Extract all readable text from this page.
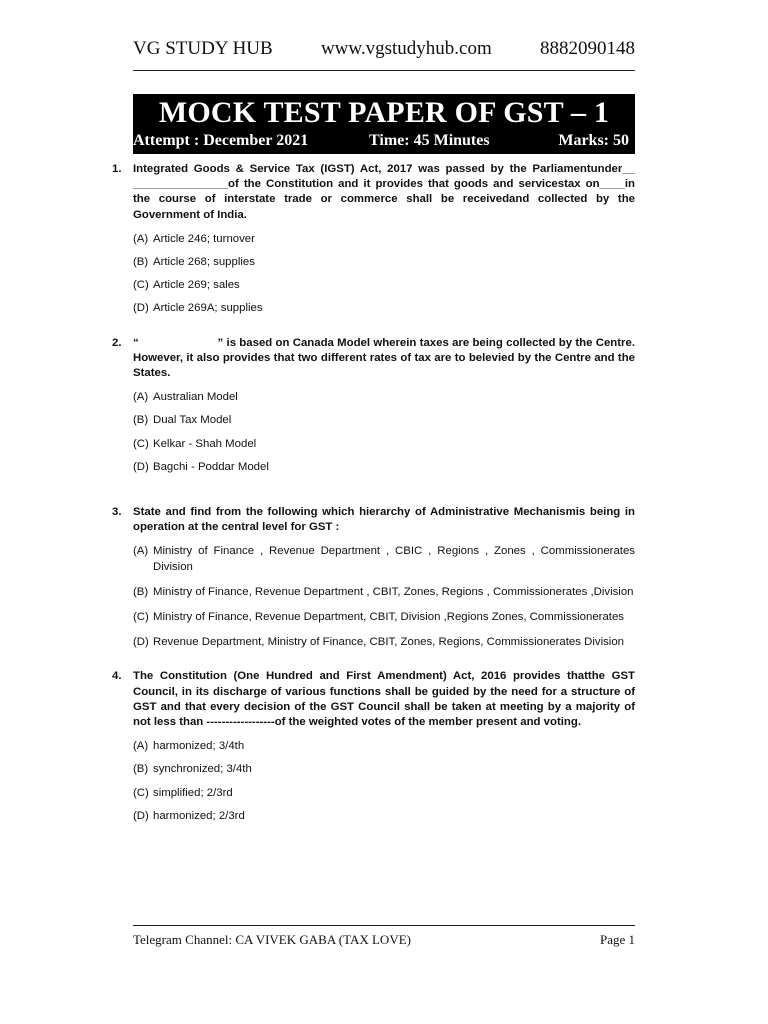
VG STUDY HUB	www.vgstudyhub.com	8882090148
MOCK TEST PAPER OF GST – 1
Attempt : December 2021	Time: 45 Minutes	Marks: 50
1.	Integrated Goods & Service Tax (IGST) Act, 2017 was passed by the Parliamentunder__ _______________of the Constitution and it provides that goods and servicestax on____in the course of interstate trade or commerce shall be receivedand collected by the Government of India.
(A) Article 246; turnover
(B) Article 268; supplies
(C) Article 269; sales
(D) Article 269A; supplies
2.	“                        ” is based on Canada Model wherein taxes are being collected by the Centre. However, it also provides that two different rates of tax are to belevied by the Centre and the States.
(A) Australian Model
(B) Dual Tax Model
(C) Kelkar - Shah Model
(D) Bagchi - Poddar Model
3.	State and find from the following which hierarchy of Administrative Mechanismis being in operation at the central level for GST :
(A) Ministry of Finance , Revenue Department , CBIC , Regions , Zones , Commissionerates Division
(B) Ministry of Finance, Revenue Department , CBIT, Zones, Regions , Commissionerates ,Division
(C) Ministry of Finance, Revenue Department, CBIT, Division ,Regions Zones, Commissionerates
(D) Revenue Department, Ministry of Finance, CBIT, Zones, Regions, Commissionerates Division
4.	The Constitution (One Hundred and First Amendment) Act, 2016 provides thatthe GST Council, in its discharge of various functions shall be guided by the need for a structure of GST and that every decision of the GST Council shall be taken at meeting by a majority of not less than ------------------of the weighted votes of the member present and voting.
(A) harmonized; 3/4th
(B) synchronized; 3/4th
(C) simplified; 2/3rd
(D) harmonized; 2/3rd
Telegram Channel: CA VIVEK GABA (TAX LOVE)	Page 1
